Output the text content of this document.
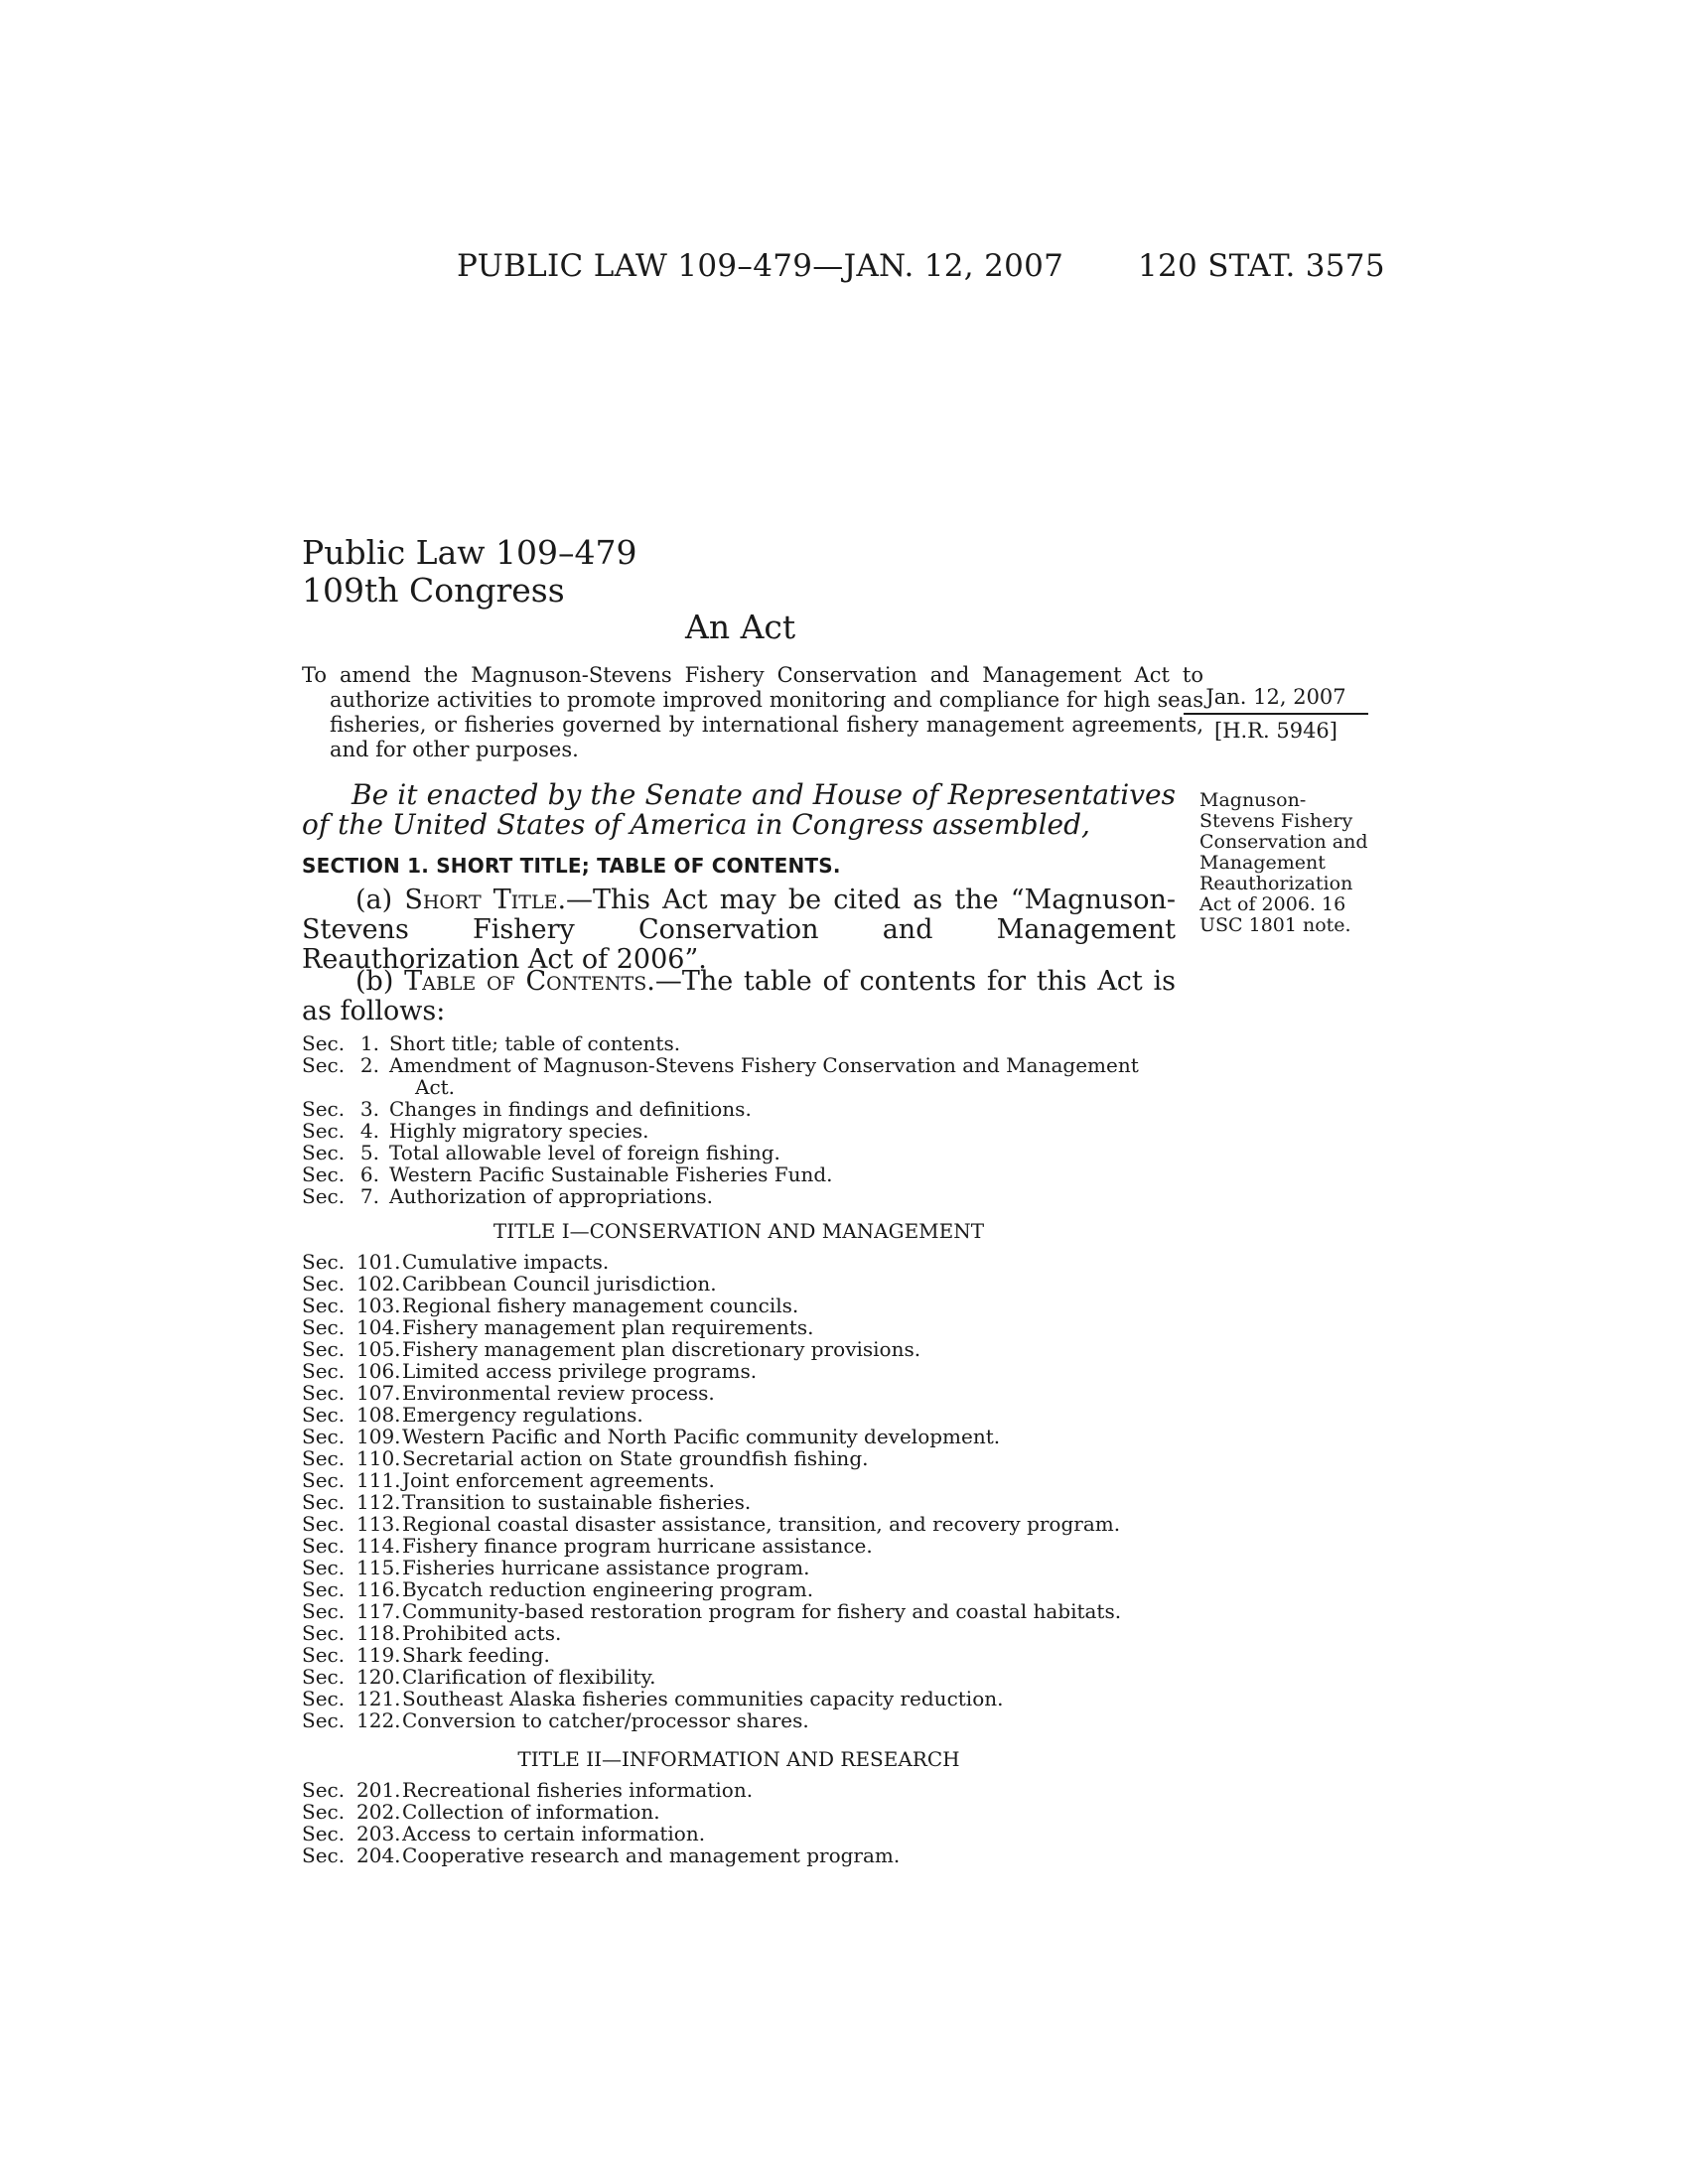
PUBLIC LAW 109–479—JAN. 12, 2007 120 STAT. 3575
Public Law 109–479
109th Congress
An Act
To amend the Magnuson-Stevens Fishery Conservation and Management Act to authorize activities to promote improved monitoring and compliance for high seas fisheries, or fisheries governed by international fishery management agreements, and for other purposes.
Jan. 12, 2007
[H.R. 5946]
Be it enacted by the Senate and House of Representatives of the United States of America in Congress assembled,
Magnuson-Stevens Fishery Conservation and Management Reauthorization Act of 2006. 16 USC 1801 note.
SECTION 1. SHORT TITLE; TABLE OF CONTENTS.
(a) Short Title.—This Act may be cited as the “Magnuson-Stevens Fishery Conservation and Management Reauthorization Act of 2006”.
(b) Table of Contents.—The table of contents for this Act is as follows:
Sec. 1. Short title; table of contents.
Sec. 2. Amendment of Magnuson-Stevens Fishery Conservation and Management
Act.
Sec. 3. Changes in findings and definitions.
Sec. 4. Highly migratory species.
Sec. 5. Total allowable level of foreign fishing.
Sec. 6. Western Pacific Sustainable Fisheries Fund.
Sec. 7. Authorization of appropriations.
TITLE I—CONSERVATION AND MANAGEMENT
Sec. 101. Cumulative impacts.
Sec. 102. Caribbean Council jurisdiction.
Sec. 103. Regional fishery management councils.
Sec. 104. Fishery management plan requirements.
Sec. 105. Fishery management plan discretionary provisions.
Sec. 106. Limited access privilege programs.
Sec. 107. Environmental review process.
Sec. 108. Emergency regulations.
Sec. 109. Western Pacific and North Pacific community development.
Sec. 110. Secretarial action on State groundfish fishing.
Sec. 111. Joint enforcement agreements.
Sec. 112. Transition to sustainable fisheries.
Sec. 113. Regional coastal disaster assistance, transition, and recovery program.
Sec. 114. Fishery finance program hurricane assistance.
Sec. 115. Fisheries hurricane assistance program.
Sec. 116. Bycatch reduction engineering program.
Sec. 117. Community-based restoration program for fishery and coastal habitats.
Sec. 118. Prohibited acts.
Sec. 119. Shark feeding.
Sec. 120. Clarification of flexibility.
Sec. 121. Southeast Alaska fisheries communities capacity reduction.
Sec. 122. Conversion to catcher/processor shares.
TITLE II—INFORMATION AND RESEARCH
Sec. 201. Recreational fisheries information.
Sec. 202. Collection of information.
Sec. 203. Access to certain information.
Sec. 204. Cooperative research and management program.
